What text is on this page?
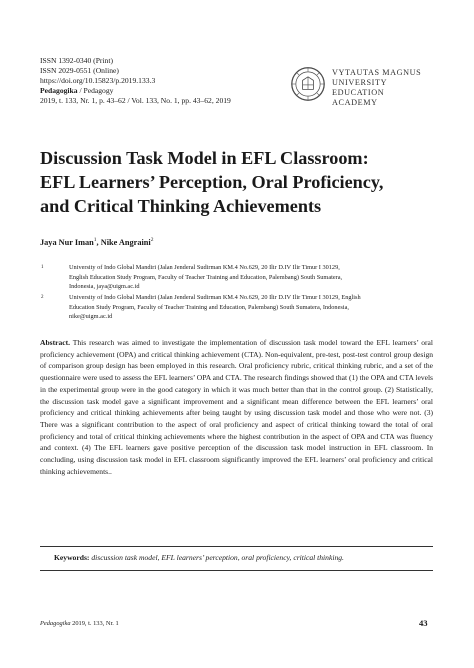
ISSN 1392-0340 (Print)
ISSN 2029-0551 (Online)
https://doi.org/10.15823/p.2019.133.3
Pedagogika / Pedagogy
2019, t. 133, Nr. 1, p. 43–62 / Vol. 133, No. 1, pp. 43–62, 2019
VYTAUTAS MAGNUS
UNIVERSITY
EDUCATION
ACADEMY
Discussion Task Model in EFL Classroom:
EFL Learners’ Perception, Oral Proficiency,
and Critical Thinking Achievements
Jaya Nur Iman$^1$, Nike Angraini$^2$
1	University of Indo Global Mandiri (Jalan Jenderal Sudirman KM.4 No.629, 20 Ilir D.IV Ilir Timur I 30129,
English Education Study Program, Faculty of Teacher Training and Education, Palembang) South Sumatera,
Indonesia, jaya@uigm.ac.id
2	University of Indo Global Mandiri (Jalan Jenderal Sudirman KM.4 No.629, 20 Ilir D.IV Ilir Timur I 30129, English
Education Study Program, Faculty of Teacher Training and Education, Palembang) South Sumatera, Indonesia,
nike@uigm.ac.id
Abstract. This research was aimed to investigate the implementation of discussion task model toward the EFL learners’ oral proficiency achievement (OPA) and critical thinking achievement (CTA). Non-equivalent, pre-test, post-test control group design of comparison group design has been employed in this research. Oral proficiency rubric, critical thinking rubric, and a set of the questionnaire were used to assess the EFL learners’ OPA and CTA. The research findings showed that (1) the OPA and CTA levels in the experimental group were in the good category in which it was much better than that in the control group. (2) Statistically, the discussion task model gave a significant improvement and a significant mean difference between the EFL learners’ oral proficiency and critical thinking achievements after being taught by using discussion task model and those who were not. (3) There was a significant contribution to the aspect of oral proficiency and aspect of critical thinking toward the total of oral proficiency and total of critical thinking achievements where the highest contribution in the aspect of OPA and CTA was fluency and context. (4) The EFL learners gave positive perception of the discussion task model instruction in EFL classroom. In concluding, using discussion task model in EFL classroom significantly improved the EFL learners’ oral proficiency and critical thinking achievements..
Keywords: discussion task model, EFL learners’ perception, oral proficiency, critical thinking.
Pedagogika 2019, t. 133, Nr. 1	43
